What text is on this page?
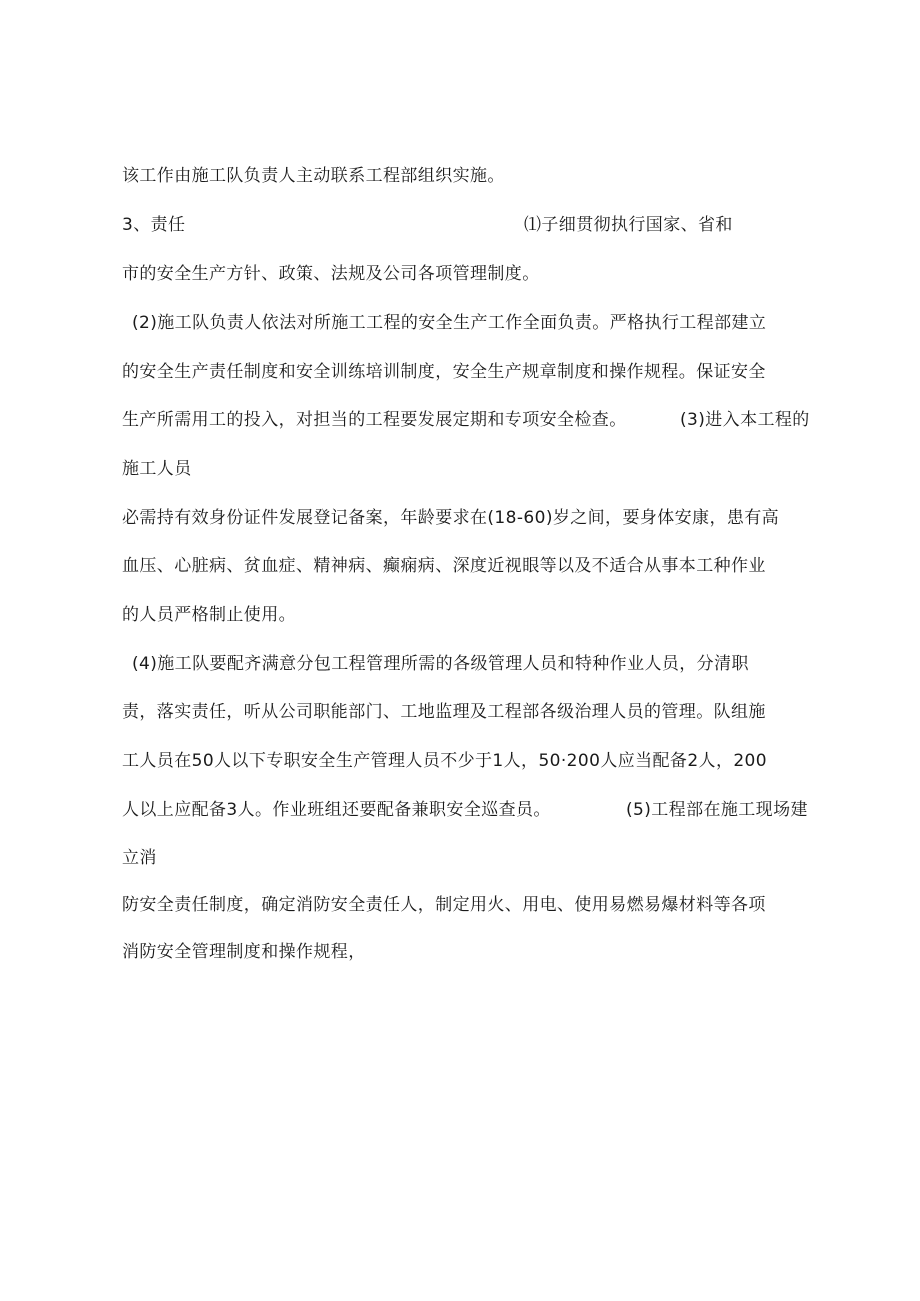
该工作由施工队负责人主动联系工程部组织实施。
3、责任	⑴子细贯彻执行国家、省和
市的安全生产方针、政策、法规及公司各项管理制度。
(2)施工队负责人依法对所施工工程的安全生产工作全面负责。严格执行工程部建立
的安全生产责任制度和安全训练培训制度，安全生产规章制度和操作规程。保证安全
生产所需用工的投入，对担当的工程要发展定期和专项安全检查。	(3)进入本工程的
施工人员
必需持有效身份证件发展登记备案，年龄要求在(18-60)岁之间，要身体安康，患有高
血压、心脏病、贫血症、精神病、癫痫病、深度近视眼等以及不适合从事本工种作业
的人员严格制止使用。
(4)施工队要配齐满意分包工程管理所需的各级管理人员和特种作业人员，分清职
责，落实责任，听从公司职能部门、工地监理及工程部各级治理人员的管理。队组施
工人员在50人以下专职安全生产管理人员不少于1人，50·200人应当配备2人，200
人以上应配备3人。作业班组还要配备兼职安全巡查员。	(5)工程部在施工现场建
立消
防安全责任制度，确定消防安全责任人，制定用火、用电、使用易燃易爆材料等各项
消防安全管理制度和操作规程，
